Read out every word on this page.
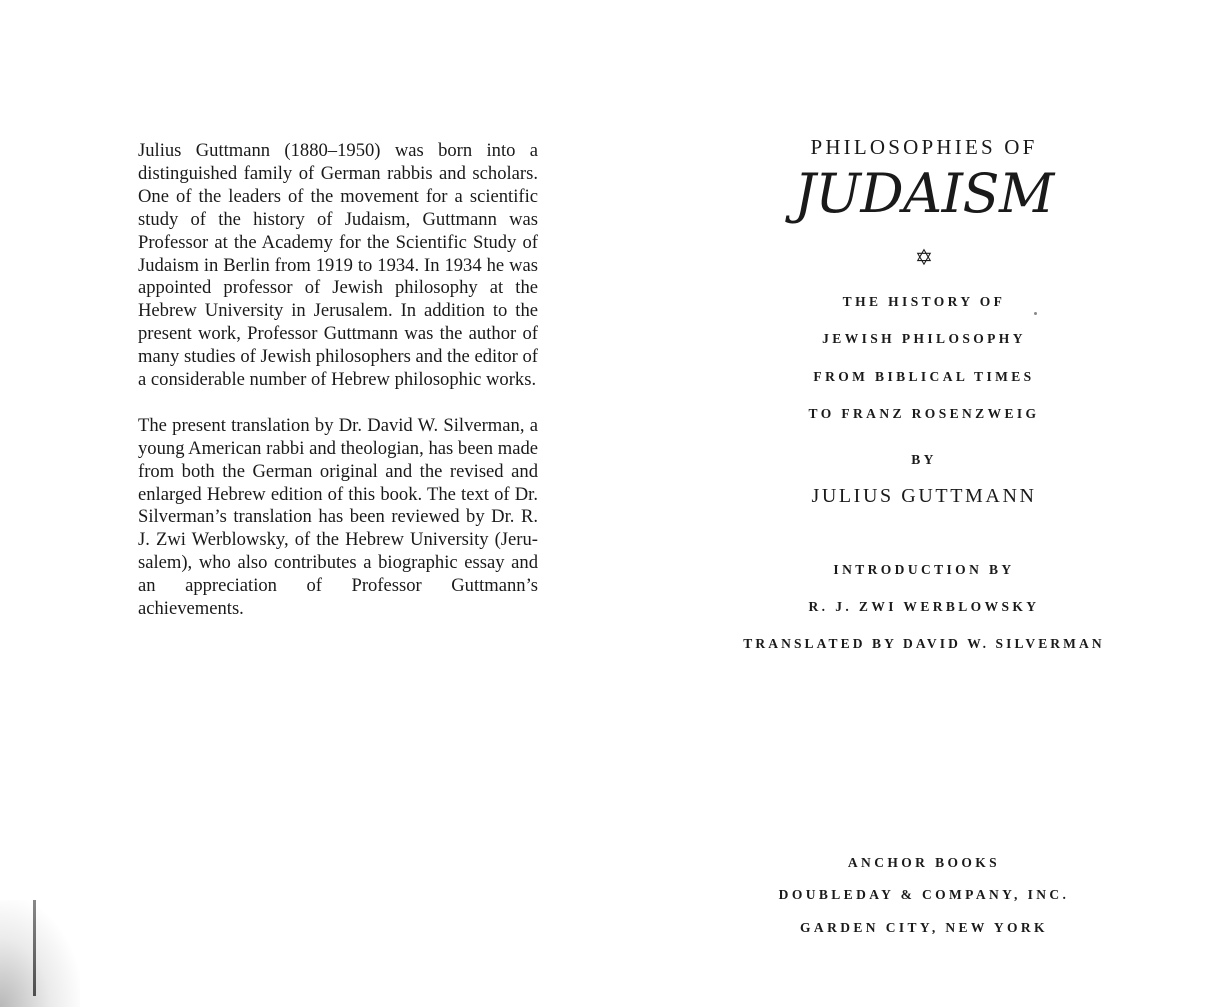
Julius Guttmann (1880–1950) was born into a distinguished family of German rabbis and scholars. One of the leaders of the movement for a scientific study of the history of Judaism, Guttmann was Professor at the Academy for the Scientific Study of Judaism in Berlin from 1919 to 1934. In 1934 he was appointed professor of Jewish philosophy at the Hebrew University in Jerusalem. In addition to the present work, Professor Guttmann was the author of many studies of Jewish philosophers and the editor of a considerable number of Hebrew philosophic works.

The present translation by Dr. David W. Silverman, a young American rabbi and theologian, has been made from both the German original and the revised and enlarged Hebrew edition of this book. The text of Dr. Silverman’s translation has been reviewed by Dr. R. J. Zwi Werblowsky, of the Hebrew University (Jerusalem), who also contributes a biographic essay and an appreciation of Professor Guttmann’s achievements.

PHILOSOPHIES OF
JUDAISM
✡
THE HISTORY OF
JEWISH PHILOSOPHY
FROM BIBLICAL TIMES
TO FRANZ ROSENZWEIG
BY
JULIUS GUTTMANN
INTRODUCTION BY
R. J. ZWI WERBLOWSKY
TRANSLATED BY DAVID W. SILVERMAN
ANCHOR BOOKS
DOUBLEDAY & COMPANY, INC.
GARDEN CITY, NEW YORK
